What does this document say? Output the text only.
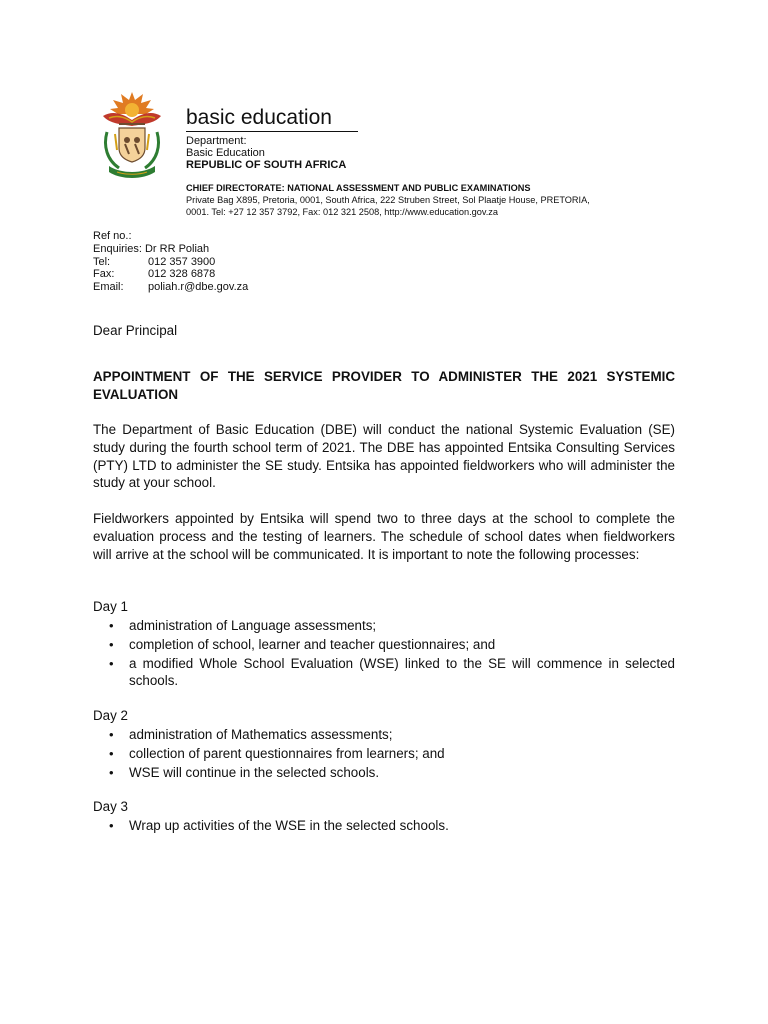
basic education
Department:
Basic Education
REPUBLIC OF SOUTH AFRICA
CHIEF DIRECTORATE: NATIONAL ASSESSMENT AND PUBLIC EXAMINATIONS
Private Bag X895, Pretoria, 0001, South Africa, 222 Struben Street, Sol Plaatje House, PRETORIA,
0001. Tel: +27 12 357 3792, Fax: 012 321 2508, http://www.education.gov.za
Ref no.:
Enquiries: Dr RR Poliah
Tel:	012 357 3900
Fax:	012 328 6878
Email: poliah.r@dbe.gov.za
Dear Principal
APPOINTMENT OF THE SERVICE PROVIDER TO ADMINISTER THE 2021 SYSTEMIC EVALUATION

The Department of Basic Education (DBE) will conduct the national Systemic Evaluation (SE) study during the fourth school term of 2021. The DBE has appointed Entsika Consulting Services (PTY) LTD to administer the SE study. Entsika has appointed fieldworkers who will administer the study at your school.

Fieldworkers appointed by Entsika will spend two to three days at the school to complete the evaluation process and the testing of learners. The schedule of school dates when fieldworkers will arrive at the school will be communicated. It is important to note the following processes:

Day 1
• administration of Language assessments;
• completion of school, learner and teacher questionnaires; and
• a modified Whole School Evaluation (WSE) linked to the SE will commence in selected schools.
Day 2
• administration of Mathematics assessments;
• collection of parent questionnaires from learners; and
• WSE will continue in the selected schools.
Day 3
• Wrap up activities of the WSE in the selected schools.
